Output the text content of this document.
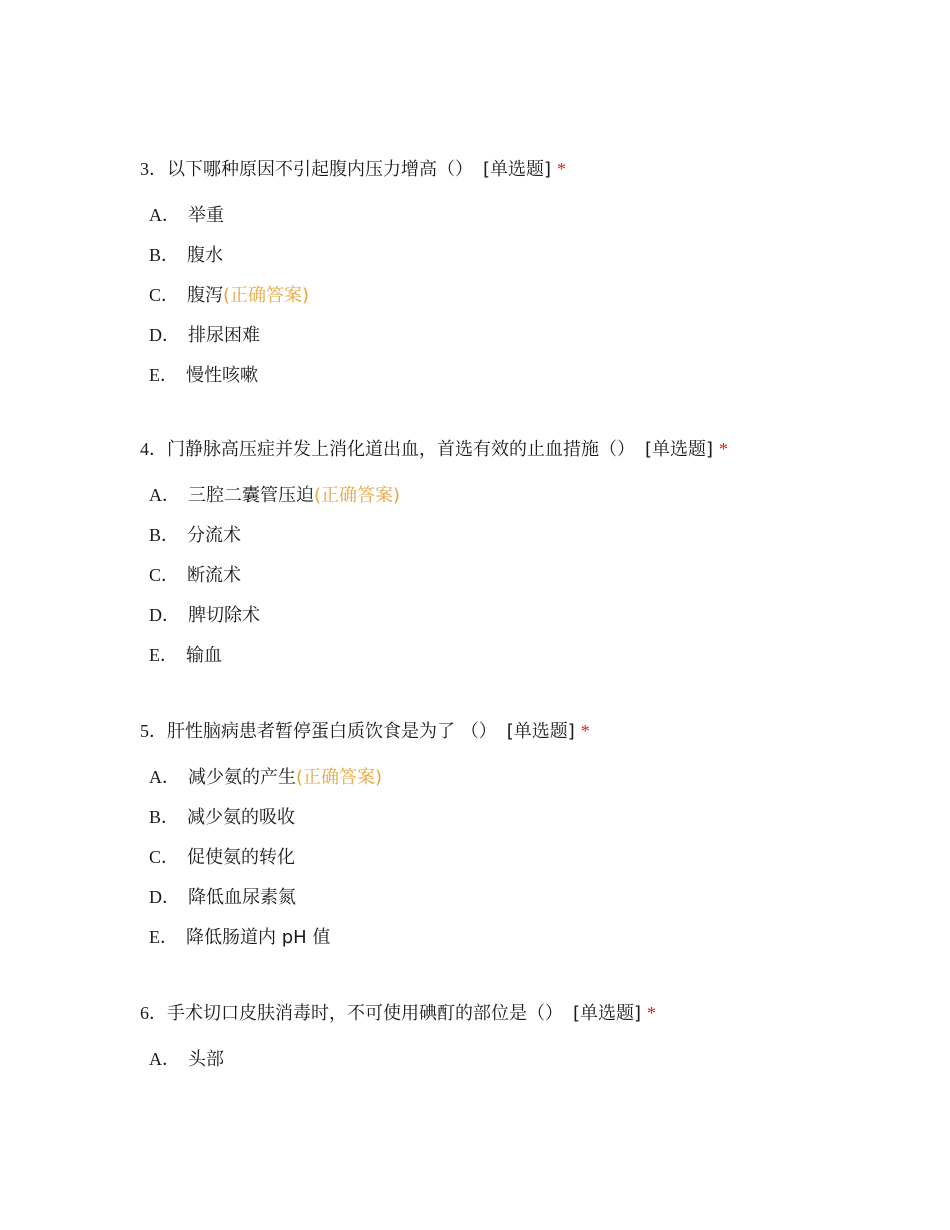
3．以下哪种原因不引起腹内压力增高（） [单选题] *
A． 举重
B． 腹水
C． 腹泻(正确答案)
D． 排尿困难
E． 慢性咳嗽
4．门静脉高压症并发上消化道出血，首选有效的止血措施（） [单选题] *
A． 三腔二囊管压迫(正确答案)
B． 分流术
C． 断流术
D． 脾切除术
E． 输血
5．肝性脑病患者暂停蛋白质饮食是为了 （） [单选题] *
A． 减少氨的产生(正确答案)
B． 减少氨的吸收
C． 促使氨的转化
D． 降低血尿素氮
E． 降低肠道内 pH 值
6．手术切口皮肤消毒时，不可使用碘酊的部位是（） [单选题] *
A． 头部
